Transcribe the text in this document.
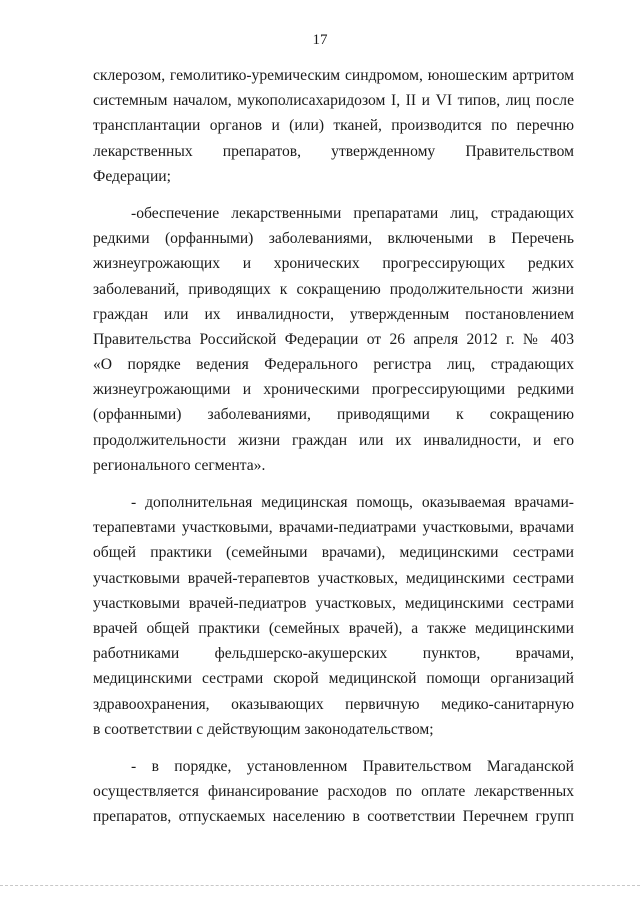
17

склерозом, гемолитико-уремическим синдромом, юношеским артритом
системным началом, мукополисахаридозом I, II и VI типов, лиц после
трансплантации органов и (или) тканей, производится по перечню
лекарственных препаратов, утвержденному Правительством
Федерации;

-обеспечение лекарственными препаратами лиц, страдающих
редкими (орфанными) заболеваниями, включеными в Перечень
жизнеугрожающих и хронических прогрессирующих редких
заболеваний, приводящих к сокращению продолжительности жизни
граждан или их инвалидности, утвержденным постановлением
Правительства Российской Федерации от 26 апреля 2012 г. № 403
«О порядке ведения Федерального регистра лиц, страдающих
жизнеугрожающими и хроническими прогрессирующими редкими
(орфанными) заболеваниями, приводящими к сокращению
продолжительности жизни граждан или их инвалидности, и его
регионального сегмента».

- дополнительная медицинская помощь, оказываемая врачами-
терапевтами участковыми, врачами-педиатрами участковыми, врачами
общей практики (семейными врачами), медицинскими сестрами
участковыми врачей-терапевтов участковых, медицинскими сестрами
участковыми врачей-педиатров участковых, медицинскими сестрами
врачей общей практики (семейных врачей), а также медицинскими
работниками фельдшерско-акушерских пунктов, врачами,
медицинскими сестрами скорой медицинской помощи организаций
здравоохранения, оказывающих первичную медико-санитарную
в соответствии с действующим законодательством;

- в порядке, установленном Правительством Магаданской
осуществляется финансирование расходов по оплате лекарственных
препаратов, отпускаемых населению в соответствии Перечнем групп
